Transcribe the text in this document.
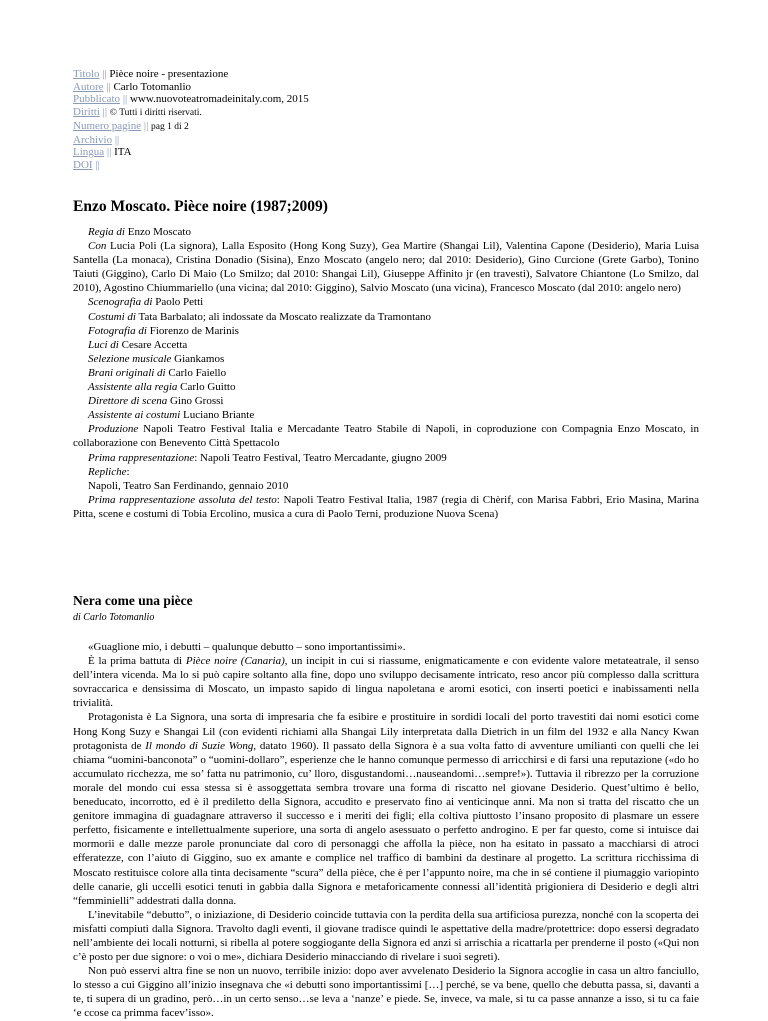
Titolo || Pièce noire - presentazione
Autore || Carlo Totomanlio
Pubblicato || www.nuovoteatromadeinitaly.com, 2015
Diritti || © Tutti i diritti riservati.
Numero pagine || pag 1 di 2
Archivio ||
Lingua || ITA
DOI ||
Enzo Moscato. Pièce noire (1987;2009)

Regia di Enzo Moscato

Con Lucia Poli (La signora), Lalla Esposito (Hong Kong Suzy), Gea Martire (Shangai Lil), Valentina Capone (Desiderio), Maria Luisa Santella (La monaca), Cristina Donadio (Sisina), Enzo Moscato (angelo nero; dal 2010: Desiderio), Gino Curcione (Grete Garbo), Tonino Taiuti (Giggino), Carlo Di Maio (Lo Smilzo; dal 2010: Shangai Lil), Giuseppe Affinito jr (en travesti), Salvatore Chiantone (Lo Smilzo, dal 2010), Agostino Chiummariello (una vicina; dal 2010: Giggino), Salvio Moscato (una vicina), Francesco Moscato (dal 2010: angelo nero)

Scenografia di Paolo Petti

Costumi di Tata Barbalato; ali indossate da Moscato realizzate da Tramontano

Fotografia di Fiorenzo de Marinis

Luci di Cesare Accetta

Selezione musicale Giankamos

Brani originali di Carlo Faiello

Assistente alla regia Carlo Guitto

Direttore di scena Gino Grossi

Assistente ai costumi Luciano Briante

Produzione Napoli Teatro Festival Italia e Mercadante Teatro Stabile di Napoli, in coproduzione con Compagnia Enzo Moscato, in collaborazione con Benevento Città Spettacolo

Prima rappresentazione: Napoli Teatro Festival, Teatro Mercadante, giugno 2009

Repliche:

Napoli, Teatro San Ferdinando, gennaio 2010

Prima rappresentazione assoluta del testo: Napoli Teatro Festival Italia, 1987 (regia di Chèrif, con Marisa Fabbri, Erio Masina, Marina Pitta, scene e costumi di Tobia Ercolino, musica a cura di Paolo Terni, produzione Nuova Scena)

Nera come una pièce
di Carlo Totomanlio

«Guaglione mio, i debutti – qualunque debutto – sono importantissimi».

È la prima battuta di Pièce noire (Canaria), un incipit in cui si riassume, enigmaticamente e con evidente valore metateatrale, il senso dell’intera vicenda. Ma lo si può capire soltanto alla fine, dopo uno sviluppo decisamente intricato, reso ancor più complesso dalla scrittura sovraccarica e densissima di Moscato, un impasto sapido di lingua napoletana e aromi esotici, con inserti poetici e inabissamenti nella trivialità.

Protagonista è La Signora, una sorta di impresaria che fa esibire e prostituire in sordidi locali del porto travestiti dai nomi esotici come Hong Kong Suzy e Shangai Lil (con evidenti richiami alla Shangai Lily interpretata dalla Dietrich in un film del 1932 e alla Nancy Kwan protagonista de Il mondo di Suzie Wong, datato 1960). Il passato della Signora è a sua volta fatto di avventure umilianti con quelli che lei chiama “uomini-banconota” o “uomini-dollaro”, esperienze che le hanno comunque permesso di arricchirsi e di farsi una reputazione («do ho accumulato ricchezza, me so’ fatta nu patrimonio, cu’ lloro, disgustandomi…nauseandomi…sempre!»). Tuttavia il ribrezzo per la corruzione morale del mondo cui essa stessa si è assoggettata sembra trovare una forma di riscatto nel giovane Desiderio. Quest’ultimo è bello, beneducato, incorrotto, ed è il prediletto della Signora, accudito e preservato fino ai venticinque anni. Ma non si tratta del riscatto che un genitore immagina di guadagnare attraverso il successo e i meriti dei figli; ella coltiva piuttosto l’insano proposito di plasmare un essere perfetto, fisicamente e intellettualmente superiore, una sorta di angelo asessuato o perfetto androgino. E per far questo, come si intuisce dai mormorii e dalle mezze parole pronunciate dal coro di personaggi che affolla la pièce, non ha esitato in passato a macchiarsi di atroci efferatezze, con l’aiuto di Giggino, suo ex amante e complice nel traffico di bambini da destinare al progetto. La scrittura ricchissima di Moscato restituisce colore alla tinta decisamente “scura” della pièce, che è per l’appunto noire, ma che in sé contiene il piumaggio variopinto delle canarie, gli uccelli esotici tenuti in gabbia dalla Signora e metaforicamente connessi all’identità prigioniera di Desiderio e degli altri “femminielli” addestrati dalla donna.

L’inevitabile “debutto”, o iniziazione, di Desiderio coincide tuttavia con la perdita della sua artificiosa purezza, nonché con la scoperta dei misfatti compiuti dalla Signora. Travolto dagli eventi, il giovane tradisce quindi le aspettative della madre/protettrice: dopo essersi degradato nell’ambiente dei locali notturni, si ribella al potere soggiogante della Signora ed anzi si arrischia a ricattarla per prenderne il posto («Qui non c’è posto per due signore: o voi o me», dichiara Desiderio minacciando di rivelare i suoi segreti).

Non può esservi altra fine se non un nuovo, terribile inizio: dopo aver avvelenato Desiderio la Signora accoglie in casa un altro fanciullo, lo stesso a cui Giggino all’inizio insegnava che «i debutti sono importantissimi […] perché, se va bene, quello che debutta passa, si, davanti a te, ti supera di un gradino, però…in un certo senso…se leva a ‘nanze’ e piede. Se, invece, va male, si tu ca passe annanze a isso, si tu ca faie ‘e ccose ca primma facev’isso».
